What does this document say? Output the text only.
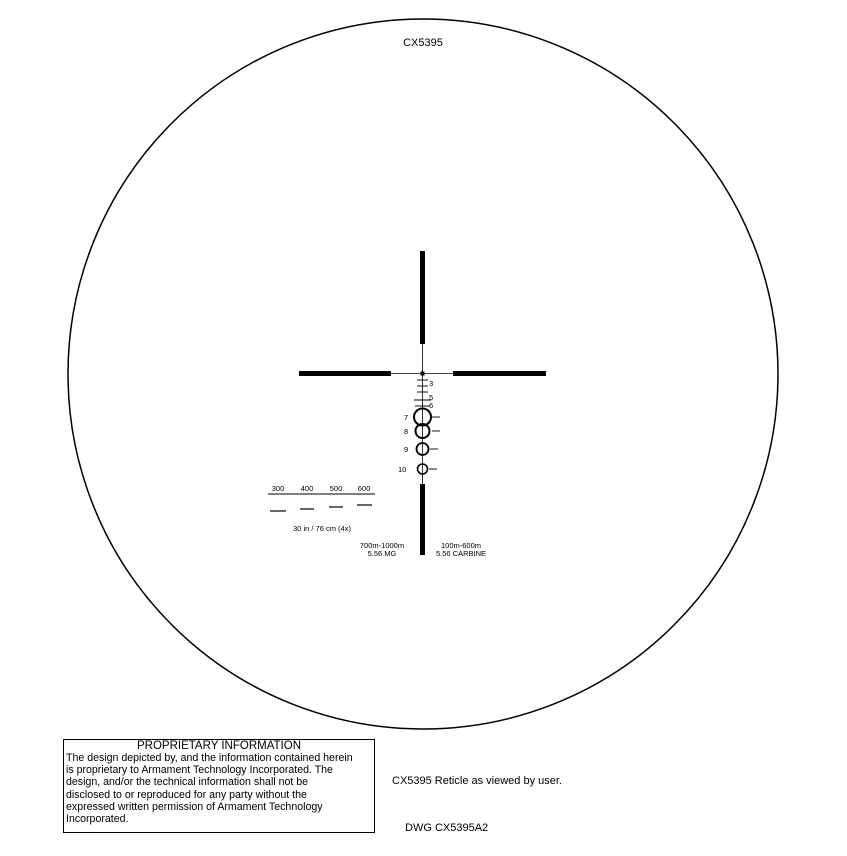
CX5395
3
5
6
7
8
9
10
300 400 500 600
30 in / 76 cm (4x)
700m-1000m
5.56 MG
100m-600m
5.56 CARBINE
PROPRIETARY INFORMATION
The design depicted by, and the information contained herein
is proprietary to Armament Technology Incorporated. The
design, and/or the technical information shall not be
disclosed to or reproduced for any party without the
expressed written permission of Armament Technology
Incorporated.
CX5395 Reticle as viewed by user.
DWG CX5395A2
